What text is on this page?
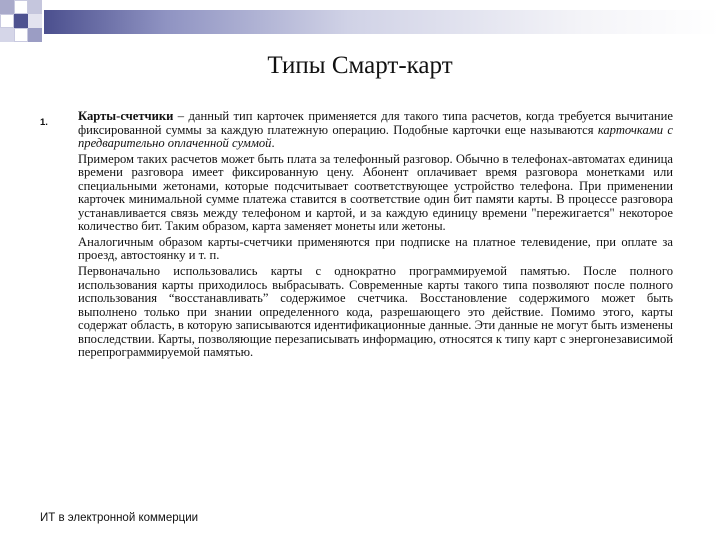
Типы Смарт-карт
1. Карты-счетчики – данный тип карточек применяется для такого типа расчетов, когда требуется вычитание фиксированной суммы за каждую платежную операцию. Подобные карточки еще называются карточками с предварительно оплаченной суммой.

Примером таких расчетов может быть плата за телефонный разговор. Обычно в телефонах-автоматах единица времени разговора имеет фиксированную цену. Абонент оплачивает время разговора монетками или специальными жетонами, которые подсчитывает соответствующее устройство телефона. При применении карточек минимальной сумме платежа ставится в соответствие один бит памяти карты. В процессе разговора устанавливается связь между телефоном и картой, и за каждую единицу времени "пережигается" некоторое количество бит. Таким образом, карта заменяет монеты или жетоны.

Аналогичным образом карты-счетчики применяются при подписке на платное телевидение, при оплате за проезд, автостоянку и т. п.

Первоначально использовались карты с однократно программируемой памятью. После полного использования карты приходилось выбрасывать. Современные карты такого типа позволяют после полного использования “восстанавливать” содержимое счетчика. Восстановление содержимого может быть выполнено только при знании определенного кода, разрешающего это действие. Помимо этого, карты содержат область, в которую записываются идентификационные данные. Эти данные не могут быть изменены впоследствии. Карты, позволяющие перезаписывать информацию, относятся к типу карт с энергонезависимой перепрограммируемой памятью.

ИТ в электронной коммерции
